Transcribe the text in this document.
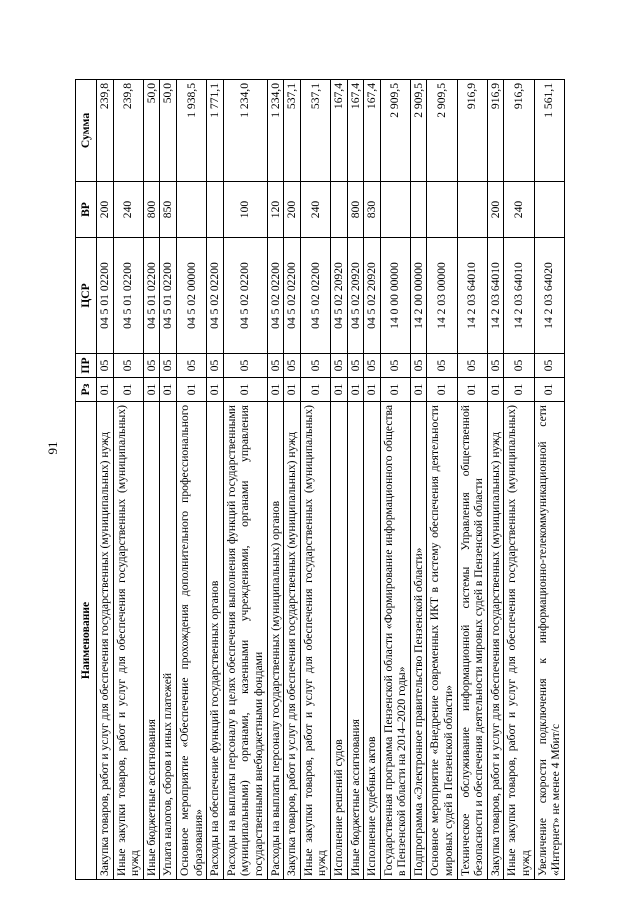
91
Наименование	Рз	ПР	ЦСР	ВР	Сумма
Закупка товаров, работ и услуг для обеспечения государственных (муниципальных) нужд	01	05	04 5 01 02200	200	239,8
Иные закупки товаров, работ и услуг для обеспечения государственных (муниципальных) нужд	01	05	04 5 01 02200	240	239,8
Иные бюджетные ассигнования	01	05	04 5 01 02200	800	50,0
Уплата налогов, сборов и иных платежей	01	05	04 5 01 02200	850	50,0
Основное мероприятие «Обеспечение прохождения дополнительного профессионального образования»	01	05	04 5 02 00000		1 938,5
Расходы на обеспечение функций государственных органов	01	05	04 5 02 02200		1 771,1
Расходы на выплаты персоналу в целях обеспечения выполнения функций государственными (муниципальными) органами, казенными учреждениями, органами управления государственными внебюджетными фондами	01	05	04 5 02 02200	100	1 234,0
Расходы на выплаты персоналу государственных (муниципальных) органов	01	05	04 5 02 02200	120	1 234,0
Закупка товаров, работ и услуг для обеспечения государственных (муниципальных) нужд	01	05	04 5 02 02200	200	537,1
Иные закупки товаров, работ и услуг для обеспечения государственных (муниципальных) нужд	01	05	04 5 02 02200	240	537,1
Исполнение решений судов	01	05	04 5 02 20920		167,4
Иные бюджетные ассигнования	01	05	04 5 02 20920	800	167,4
Исполнение судебных актов	01	05	04 5 02 20920	830	167,4
Государственная программа Пензенской области «Формирование информационного общества в Пензенской области на 2014–2020 годы»	01	05	14 0 00 00000		2 909,5
Подпрограмма «Электронное правительство Пензенской области»	01	05	14 2 00 00000		2 909,5
Основное мероприятие «Внедрение современных ИКТ в систему обеспечения деятельности мировых судей в Пензенской области»	01	05	14 2 03 00000		2 909,5
Техническое обслуживание информационной системы Управления общественной безопасности и обеспечения деятельности мировых судей в Пензенской области	01	05	14 2 03 64010		916,9
Закупка товаров, работ и услуг для обеспечения государственных (муниципальных) нужд	01	05	14 2 03 64010	200	916,9
Иные закупки товаров, работ и услуг для обеспечения государственных (муниципальных) нужд	01	05	14 2 03 64010	240	916,9
Увеличение скорости подключения к информационно-телекоммуникационной сети «Интернет» не менее 4 Мбит/с	01	05	14 2 03 64020		1 561,1
